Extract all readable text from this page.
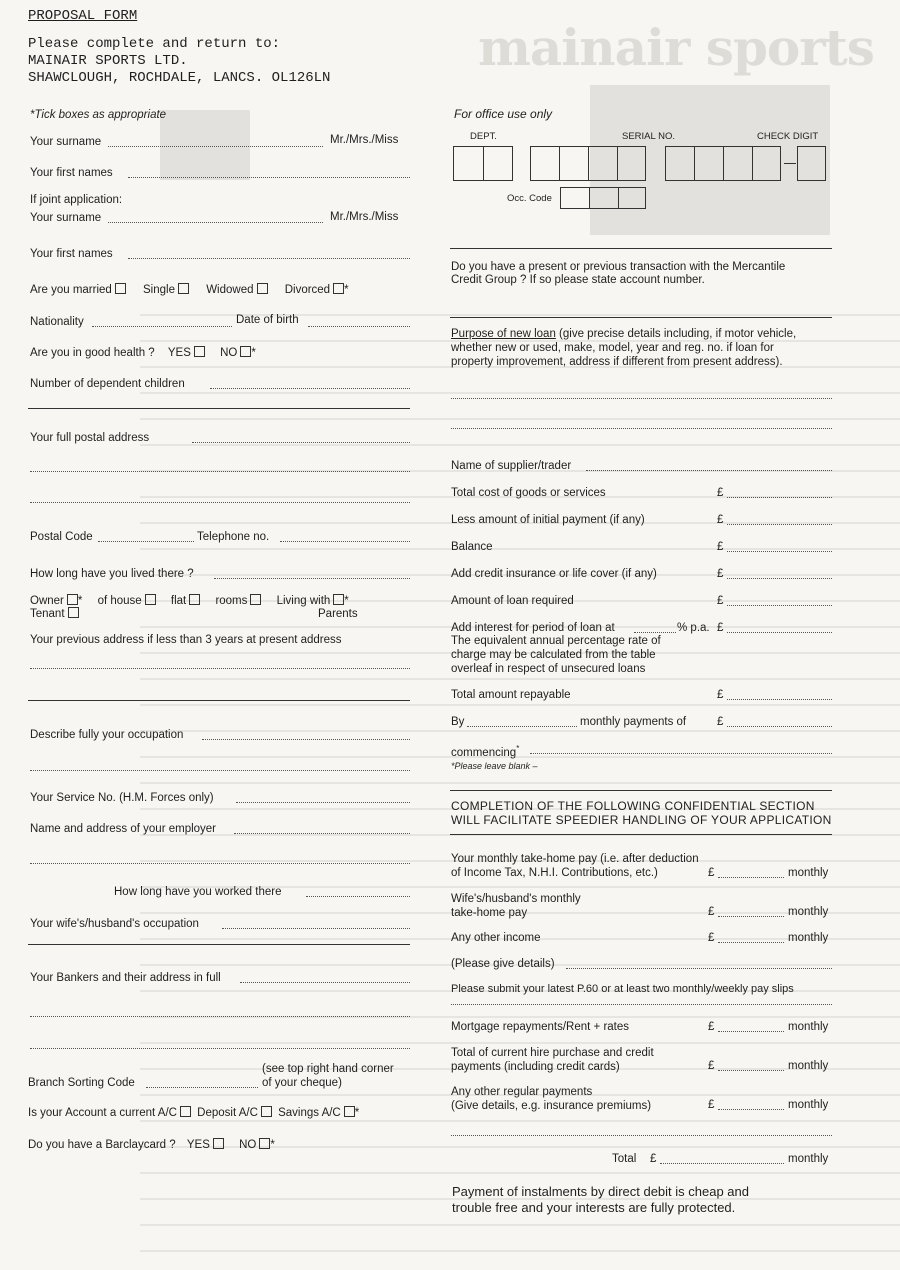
mainair sports
PROPOSAL FORM
Please complete and return to:
MAINAIR SPORTS LTD.
SHAWCLOUGH, ROCHDALE, LANCS. OL126LN
*Tick boxes as appropriate
Your surname	Mr./Mrs./Miss
Your first names
If joint application:
Your surname	Mr./Mrs./Miss
Your first names
Are you married	Single	Widowed	Divorced *
Nationality	Date of birth
Are you in good health ? YES	NO *
Number of dependent children
Your full postal address
Postal Code	Telephone no.
How long have you lived there ?
Owner * of house	flat	rooms	Living with *
Tenant	Parents
Your previous address if less than 3 years at present address
Describe fully your occupation
Your Service No. (H.M. Forces only)
Name and address of your employer
How long have you worked there
Your wife's/husband's occupation
Your Bankers and their address in full
(see top right hand corner
of your cheque)
Branch Sorting Code
Is your Account a current A/C Deposit A/C Savings A/C *
Do you have a Barclaycard ? YES	NO *
For office use only
DEPT.	SERIAL NO.	CHECK DIGIT
Occ. Code
Do you have a present or previous transaction with the Mercantile
Credit Group ? If so please state account number.
Purpose of new loan (give precise details including, if motor vehicle,
whether new or used, make, model, year and reg. no. if loan for
property improvement, address if different from present address).
Name of supplier/trader
Total cost of goods or services	£
Less amount of initial payment (if any)	£
Balance	£
Add credit insurance or life cover (if any)	£
Amount of loan required	£
Add interest for period of loan at	% p.a. £
The equivalent annual percentage rate of
charge may be calculated from the table
overleaf in respect of unsecured loans
Total amount repayable	£
By	monthly payments of	£
commencing*
*Please leave blank –
COMPLETION OF THE FOLLOWING CONFIDENTIAL SECTION
WILL FACILITATE SPEEDIER HANDLING OF YOUR APPLICATION
Your monthly take-home pay (i.e. after deduction
of Income Tax, N.H.I. Contributions, etc.)	£	monthly
Wife's/husband's monthly
take-home pay	£	monthly
Any other income	£	monthly
(Please give details)
Please submit your latest P.60 or at least two monthly/weekly pay slips
Mortgage repayments/Rent + rates	£	monthly
Total of current hire purchase and credit
payments (including credit cards)	£	monthly
Any other regular payments
(Give details, e.g. insurance premiums)	£	monthly
Total £	monthly
Payment of instalments by direct debit is cheap and
trouble free and your interests are fully protected.
